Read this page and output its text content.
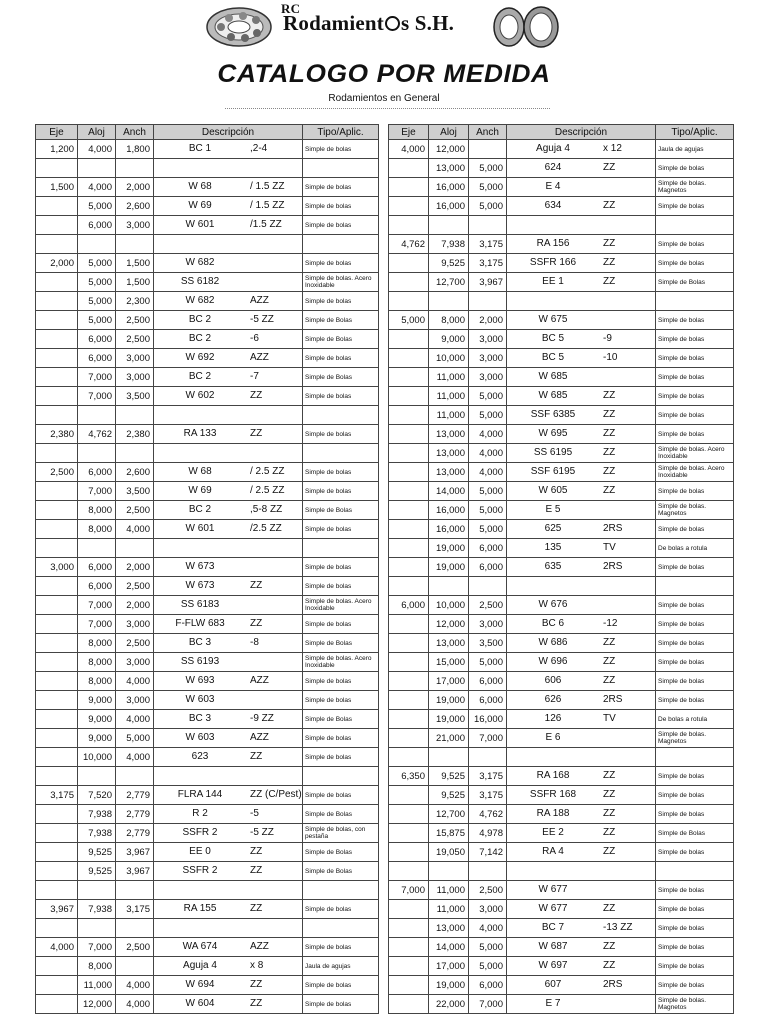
RC
Rodamient s S.H.
CATALOGO POR MEDIDA
Rodamientos en General
Eje	Aloj	Anch	Descripción	Tipo/Aplic.
1,200	4,000	1,800	BC 1 ,2-4	Simple de bolas

1,500	4,000	2,000	W 68 / 1.5 ZZ	Simple de bolas
	5,000	2,600	W 69 / 1.5 ZZ	Simple de bolas
	6,000	3,000	W 601 /1.5 ZZ	Simple de bolas

2,000	5,000	1,500	W 682	Simple de bolas
	5,000	1,500	SS 6182	Simple de bolas. Acero Inoxidable
	5,000	2,300	W 682 AZZ	Simple de bolas
	5,000	2,500	BC 2 -5 ZZ	Simple de Bolas
	6,000	2,500	BC 2 -6	Simple de Bolas
	6,000	3,000	W 692 AZZ	Simple de bolas
	7,000	3,000	BC 2 -7	Simple de Bolas
	7,000	3,500	W 602 ZZ	Simple de bolas

2,380	4,762	2,380	RA 133 ZZ	Simple de bolas

2,500	6,000	2,600	W 68 / 2.5 ZZ	Simple de bolas
	7,000	3,500	W 69 / 2.5 ZZ	Simple de bolas
	8,000	2,500	BC 2 ,5-8 ZZ	Simple de Bolas
	8,000	4,000	W 601 /2.5 ZZ	Simple de bolas

3,000	6,000	2,000	W 673	Simple de bolas
	6,000	2,500	W 673 ZZ	Simple de bolas
	7,000	2,000	SS 6183	Simple de bolas. Acero Inoxidable
	7,000	3,000	F-FLW 683 ZZ	Simple de bolas
	8,000	2,500	BC 3 -8	Simple de Bolas
	8,000	3,000	SS 6193	Simple de bolas. Acero Inoxidable
	8,000	4,000	W 693 AZZ	Simple de bolas
	9,000	3,000	W 603	Simple de bolas
	9,000	4,000	BC 3 -9 ZZ	Simple de Bolas
	9,000	5,000	W 603 AZZ	Simple de bolas
	10,000	4,000	623 ZZ	Simple de bolas

3,175	7,520	2,779	FLRA 144 ZZ (C/Pest)	Simple de bolas
	7,938	2,779	R 2 -5	Simple de Bolas
	7,938	2,779	SSFR 2 -5 ZZ	Simple de bolas, con pestaña
	9,525	3,967	EE 0 ZZ	Simple de Bolas
	9,525	3,967	SSFR 2 ZZ	Simple de Bolas

3,967	7,938	3,175	RA 155 ZZ	Simple de bolas

4,000	7,000	2,500	WA 674 AZZ	Simple de bolas
	8,000		Aguja 4 x 8	Jaula de agujas
	11,000	4,000	W 694 ZZ	Simple de bolas
	12,000	4,000	W 604 ZZ	Simple de bolas
Eje	Aloj	Anch	Descripción	Tipo/Aplic.
4,000	12,000		Aguja 4 x 12	Jaula de agujas
	13,000	5,000	624 ZZ	Simple de bolas
	16,000	5,000	E 4	Simple de bolas. Magnetos
	16,000	5,000	634 ZZ	Simple de bolas

4,762	7,938	3,175	RA 156 ZZ	Simple de bolas
	9,525	3,175	SSFR 166 ZZ	Simple de bolas
	12,700	3,967	EE 1 ZZ	Simple de Bolas

5,000	8,000	2,000	W 675	Simple de bolas
	9,000	3,000	BC 5 -9	Simple de bolas
	10,000	3,000	BC 5 -10	Simple de bolas
	11,000	3,000	W 685	Simple de bolas
	11,000	5,000	W 685 ZZ	Simple de bolas
	11,000	5,000	SSF 6385 ZZ	Simple de bolas
	13,000	4,000	W 695 ZZ	Simple de bolas
	13,000	4,000	SS 6195 ZZ	Simple de bolas. Acero Inoxidable
	13,000	4,000	SSF 6195 ZZ	Simple de bolas. Acero Inoxidable
	14,000	5,000	W 605 ZZ	Simple de bolas
	16,000	5,000	E 5	Simple de bolas. Magnetos
	16,000	5,000	625 2RS	Simple de bolas
	19,000	6,000	135 TV	De bolas a rotula
	19,000	6,000	635 2RS	Simple de bolas

6,000	10,000	2,500	W 676	Simple de bolas
	12,000	3,000	BC 6 -12	Simple de bolas
	13,000	3,500	W 686 ZZ	Simple de bolas
	15,000	5,000	W 696 ZZ	Simple de bolas
	17,000	6,000	606 ZZ	Simple de bolas
	19,000	6,000	626 2RS	Simple de bolas
	19,000	16,000	126 TV	De bolas a rotula
	21,000	7,000	E 6	Simple de bolas. Magnetos

6,350	9,525	3,175	RA 168 ZZ	Simple de bolas
	9,525	3,175	SSFR 168 ZZ	Simple de bolas
	12,700	4,762	RA 188 ZZ	Simple de bolas
	15,875	4,978	EE 2 ZZ	Simple de Bolas
	19,050	7,142	RA 4 ZZ	Simple de bolas

7,000	11,000	2,500	W 677	Simple de bolas
	11,000	3,000	W 677 ZZ	Simple de bolas
	13,000	4,000	BC 7 -13 ZZ	Simple de bolas
	14,000	5,000	W 687 ZZ	Simple de bolas
	17,000	5,000	W 697 ZZ	Simple de bolas
	19,000	6,000	607 2RS	Simple de bolas
	22,000	7,000	E 7	Simple de bolas. Magnetos
